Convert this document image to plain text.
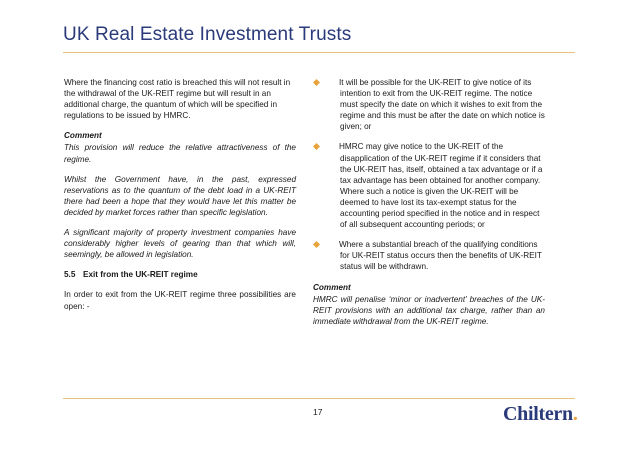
UK Real Estate Investment Trusts

Where the financing cost ratio is breached this will not result in the withdrawal of the UK-REIT regime but will result in an additional charge, the quantum of which will be specified in regulations to be issued by HMRC.

Comment

This provision will reduce the relative attractiveness of the regime.

Whilst the Government have, in the past, expressed reservations as to the quantum of the debt load in a UK-REIT there had been a hope that they would have let this matter be decided by market forces rather than specific legislation.

A significant majority of property investment companies have considerably higher levels of gearing than that which will, seemingly, be allowed in legislation.

5.5 Exit from the UK-REIT regime

In order to exit from the UK-REIT regime three possibilities are open: -

It will be possible for the UK-REIT to give notice of its intention to exit from the UK-REIT regime. The notice must specify the date on which it wishes to exit from the regime and this must be after the date on which notice is given; or

HMRC may give notice to the UK-REIT of the disapplication of the UK-REIT regime if it considers that the UK-REIT has, itself, obtained a tax advantage or if a tax advantage has been obtained for another company. Where such a notice is given the UK-REIT will be deemed to have lost its tax-exempt status for the accounting period specified in the notice and in respect of all subsequent accounting periods; or

Where a substantial breach of the qualifying conditions for UK-REIT status occurs then the benefits of UK-REIT status will be withdrawn.

Comment

HMRC will penalise ‘minor or inadvertent’ breaches of the UK-REIT provisions with an additional tax charge, rather than an immediate withdrawal from the UK-REIT regime.

17	Chiltern.
